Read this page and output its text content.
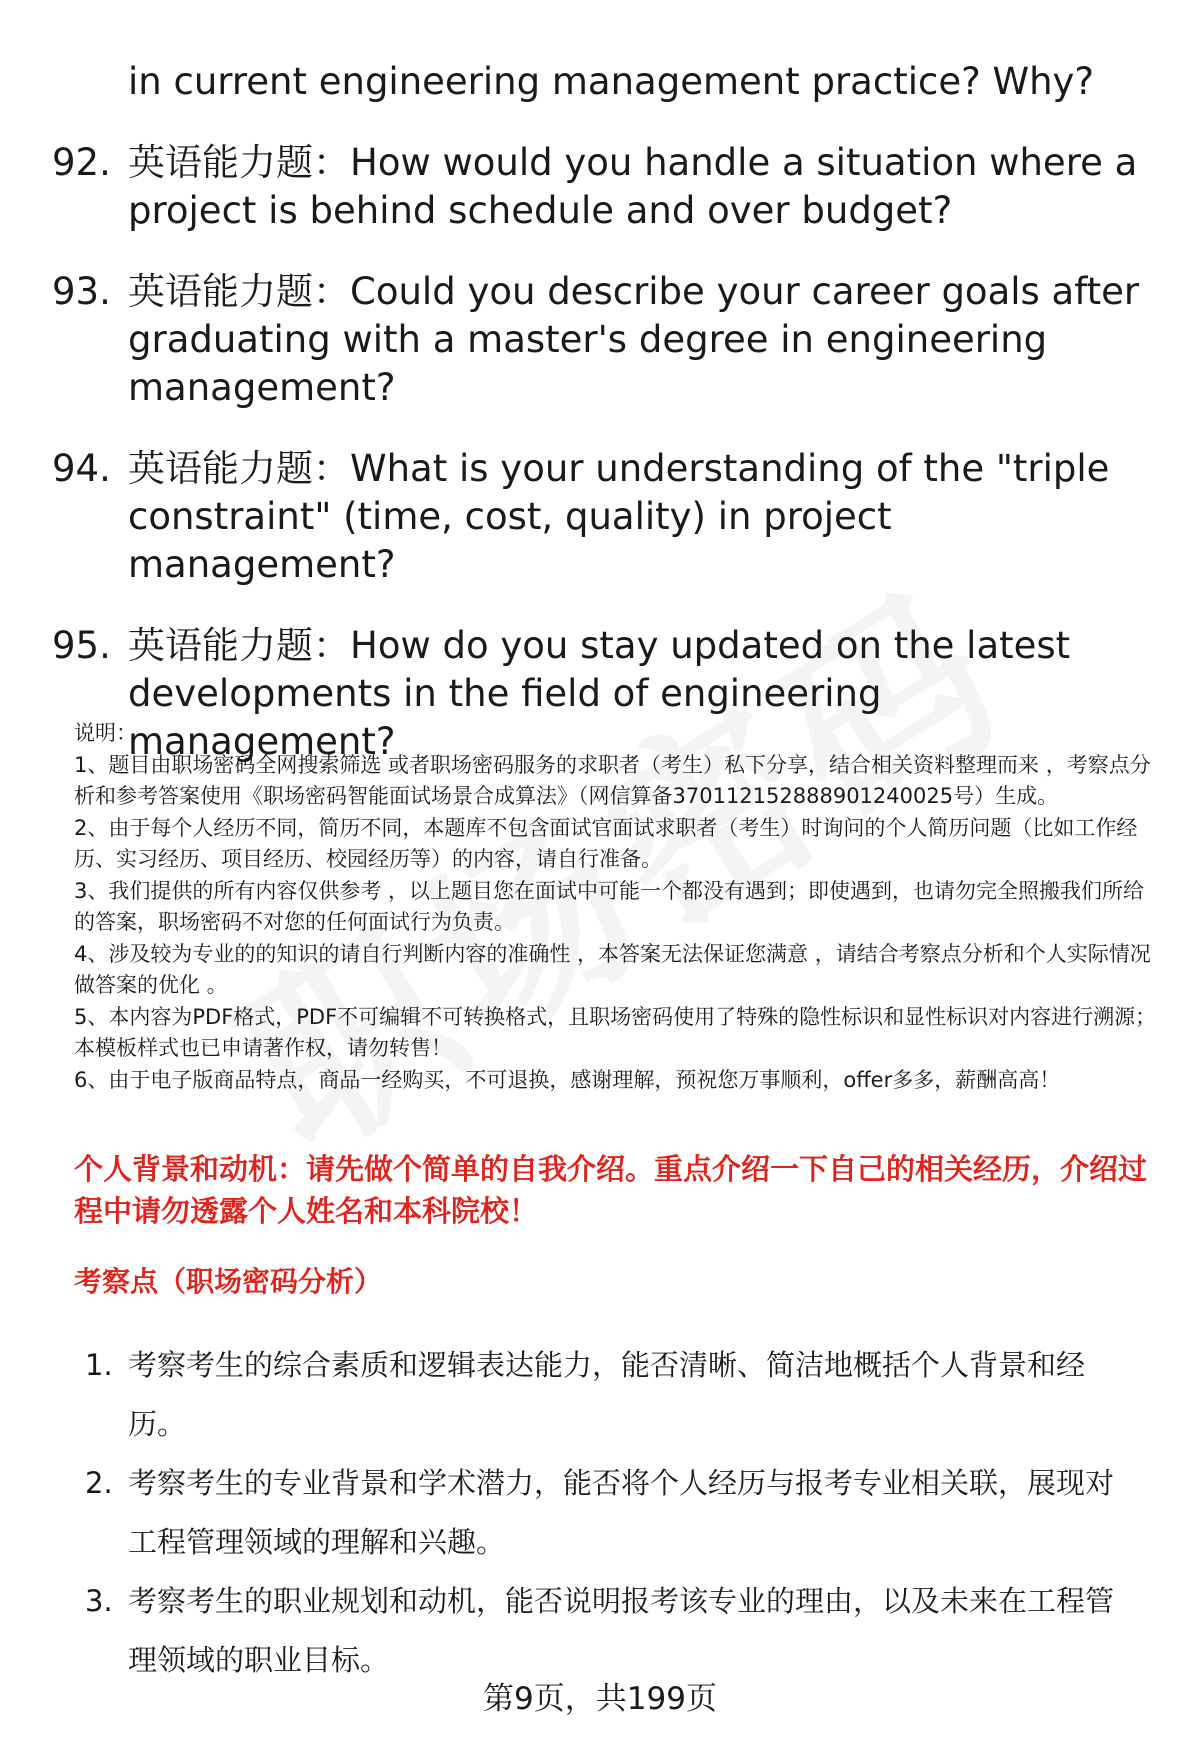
in current engineering management practice? Why?
92. 英语能力题：How would you handle a situation where a project is behind schedule and over budget?
93. 英语能力题：Could you describe your career goals after graduating with a master's degree in engineering management?
94. 英语能力题：What is your understanding of the "triple constraint" (time, cost, quality) in project management?
95. 英语能力题：How do you stay updated on the latest developments in the field of engineering management?
说明：
1、题目由职场密码全网搜索筛选 或者职场密码服务的求职者（考生）私下分享，结合相关资料整理而来 ，考察点分析和参考答案使用《职场密码智能面试场景合成算法》（网信算备370112152888901240025号）生成。
2、由于每个人经历不同，简历不同，本题库不包含面试官面试求职者（考生）时询问的个人简历问题（比如工作经历、实习经历、项目经历、校园经历等）的内容，请自行准备。
3、我们提供的所有内容仅供参考 ，以上题目您在面试中可能一个都没有遇到；即使遇到，也请勿完全照搬我们所给的答案，职场密码不对您的任何面试行为负责。
4、涉及较为专业的的知识的请自行判断内容的准确性 ，本答案无法保证您满意 ，请结合考察点分析和个人实际情况做答案的优化 。
5、本内容为PDF格式，PDF不可编辑不可转换格式，且职场密码使用了特殊的隐性标识和显性标识对内容进行溯源；本模板样式也已申请著作权，请勿转售！
6、由于电子版商品特点，商品一经购买，不可退换，感谢理解，预祝您万事顺利，offer多多，薪酬高高！
个人背景和动机：请先做个简单的自我介绍。重点介绍一下自己的相关经历，介绍过程中请勿透露个人姓名和本科院校！
考察点（职场密码分析）
1. 考察考生的综合素质和逻辑表达能力，能否清晰、简洁地概括个人背景和经历。
2. 考察考生的专业背景和学术潜力，能否将个人经历与报考专业相关联，展现对工程管理领域的理解和兴趣。
3. 考察考生的职业规划和动机，能否说明报考该专业的理由，以及未来在工程管理领域的职业目标。
第9页，共199页
